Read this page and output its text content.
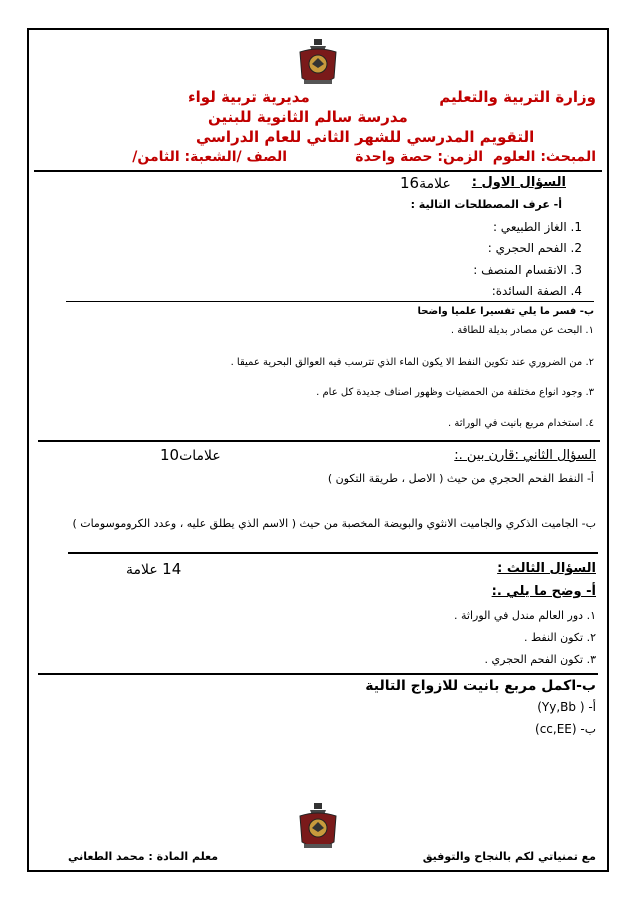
وزارة التربية والتعليم
مديرية تربية لواء
مدرسة سالم الثانوية للبنين
التقويم المدرسي للشهر الثاني للعام الدراسي
المبحث: العلوم  الزمن: حصة واحدة              الصف /الشعبة: الثامن/
السؤال الاول :
علامة16
أ- عرف المصطلحات التالية :
1. الغاز الطبيعي :
2. الفحم الحجري :
3. الانقسام المنصف :
4. الصفة السائدة:
ب- فسر ما يلي تفسيرا علميا واضحا
١. البحث عن مصادر بديلة للطاقة .
٢. من الضروري عند تكوين النفط الا يكون الماء الذي تترسب فيه العوالق البحرية عميقا .
٣. وجود انواع مختلفة من الحمضيات وظهور اصناف جديدة كل عام .
٤. استخدام مربع بانيت في الوراثة .
السؤال الثاني :قارن بين .:
علامات10
أ- النفط الفحم الحجري من حيث ( الاصل ، طريقة التكون )
ب- الجاميت الذكري والجاميت الانثوي والبويضة المخصبة من حيث ( الاسم الذي يطلق عليه ، وعدد الكروموسومات )
السؤال الثالث :
14 علامة
أ- وضح ما يلي .:
١. دور العالم مندل في الوراثة .
٢. تكون النفط .
٣. تكون الفحم الحجري .
ب-اكمل مربع بانيت للازواج التالية
أ- ( Yy,Bb)
ب- (cc,EE)
مع تمنياتي لكم بالنجاح والتوفيق
معلم المادة : محمد الطعاني
